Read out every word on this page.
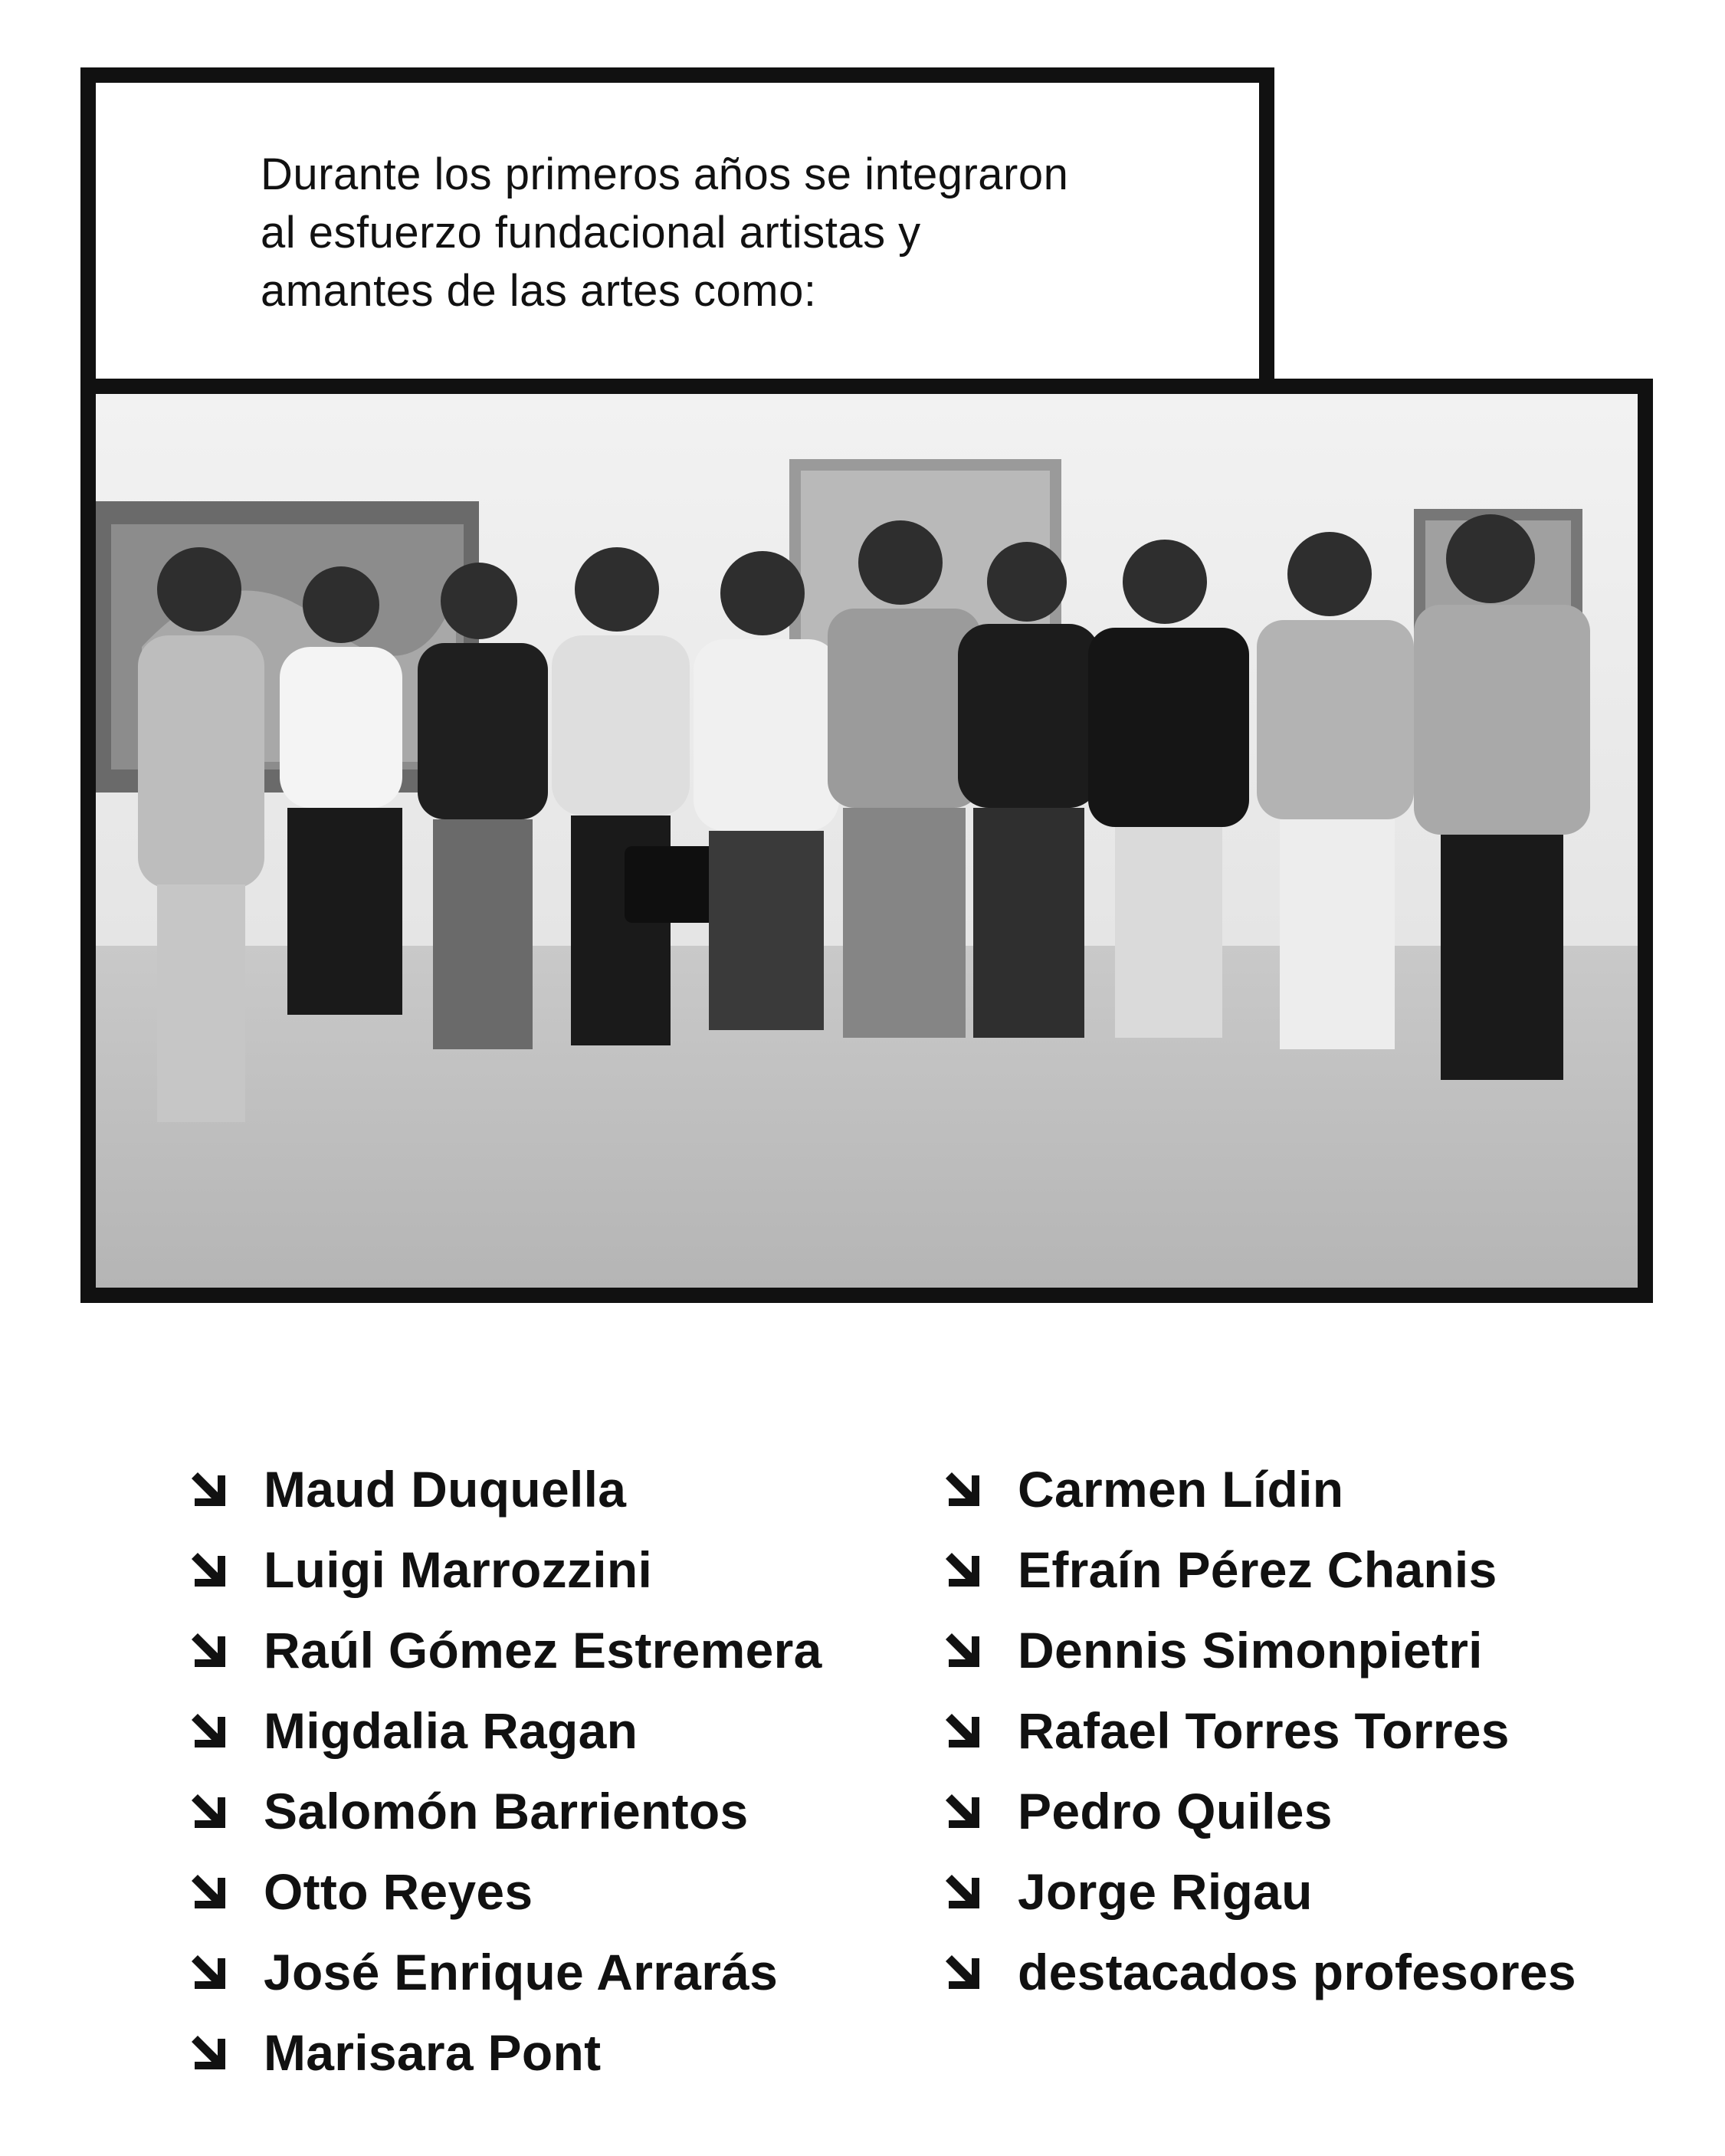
Durante los primeros años se integraron
al esfuerzo fundacional artistas y
amantes de las artes como:

Maud Duquella
Luigi Marrozzini
Raúl Gómez Estremera
Migdalia Ragan
Salomón Barrientos
Otto Reyes
José Enrique Arrarás
Marisara Pont
Carmen Lídin
Efraín Pérez Chanis
Dennis Simonpietri
Rafael Torres Torres
Pedro Quiles
Jorge Rigau
destacados profesores
